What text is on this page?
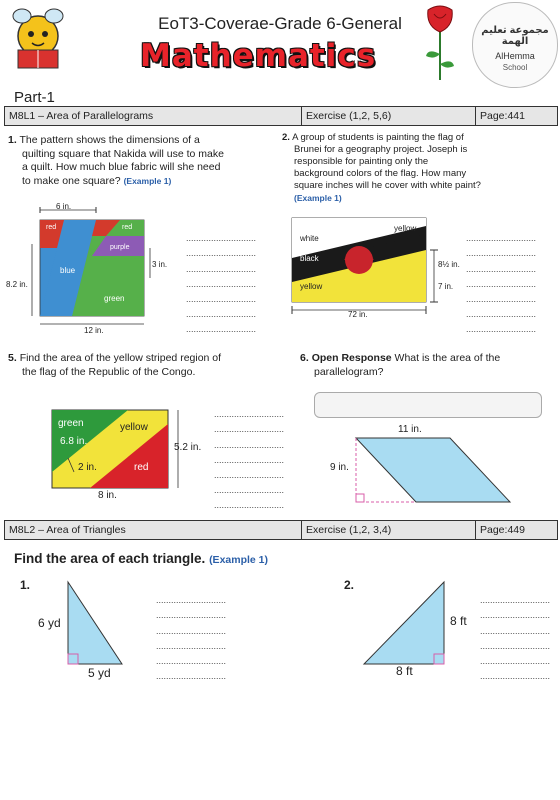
EoT3-Coverae-Grade 6-General
Mathematics
مجموعة تعليم الهمة
AlHemma
School
Part-1
M8L1 – Area of Parallelograms	Exercise (1,2, 5,6)	Page:441
1. The pattern shows the dimensions of a
quilting square that Nakida will use to make
a quilt. How much blue fabric will she need
to make one square? (Example 1)
6 in.
8.2 in.
3 in.
12 in.
red	red
purple
blue
green

............................
............................
............................
............................
............................
............................
............................

2. A group of students is painting the flag of
Brunei for a geography project. Joseph is
responsible for painting only the
background colors of the flag. How many
square inches will he cover with white paint?
(Example 1)
white
yellow
black
yellow
8½ in.
7 in.
72 in.

............................
............................
............................
............................
............................
............................
............................

5. Find the area of the yellow striped region of
the flag of the Republic of the Congo.
green	yellow
red
6.8 in.
2 in.
5.2 in.
8 in.

............................
............................
............................
............................
............................
............................
............................

6. Open Response What is the area of the
parallelogram?
11 in.
9 in.
M8L2 – Area of Triangles	Exercise (1,2, 3,4)	Page:449
Find the area of each triangle. (Example 1)
1.
6 yd
5 yd

............................
............................
............................
............................
............................
............................

2.
8 ft
8 ft

............................
............................
............................
............................
............................
............................
